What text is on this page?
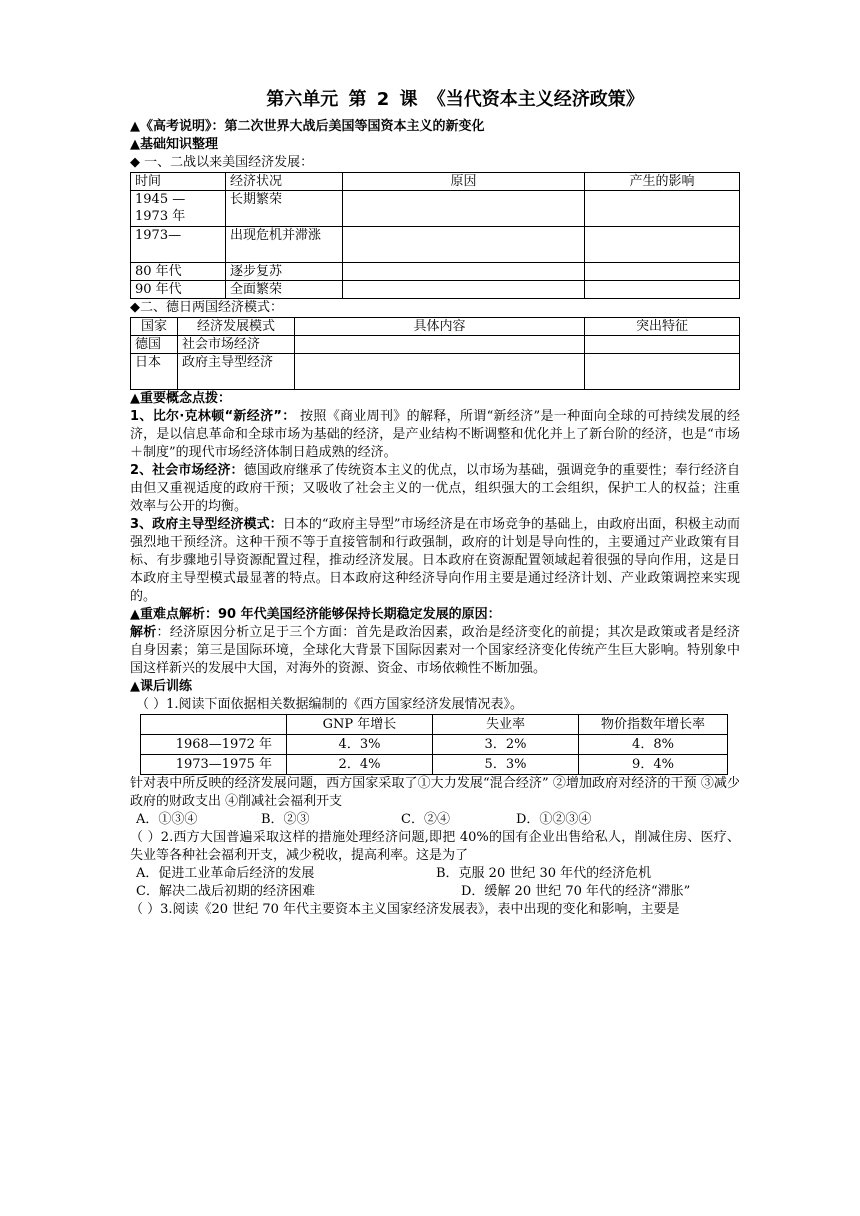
第六单元 第 2 课 《当代资本主义经济政策》
▲《高考说明》：第二次世界大战后美国等国资本主义的新变化
▲基础知识整理
◆ 一、二战以来美国经济发展：
时间	经济状况	原因	产生的影响
1945 — 1973 年	长期繁荣		
1973—	出现危机并滞涨		
80 年代	逐步复苏		
90 年代	全面繁荣		
◆二、德日两国经济模式：
国家	经济发展模式	具体内容	突出特征
德国	社会市场经济		
日本	政府主导型经济		
▲重要概念点拨：

1、比尔·克林顿“新经济”： 按照《商业周刊》的解释，所谓“新经济”是一种面向全球的可持续发展的经济，是以信息革命和全球市场为基础的经济，是产业结构不断调整和优化并上了新台阶的经济，也是“市场＋制度”的现代市场经济体制日趋成熟的经济。

2、社会市场经济：德国政府继承了传统资本主义的优点，以市场为基础，强调竞争的重要性；奉行经济自由但又重视适度的政府干预；又吸收了社会主义的一优点，组织强大的工会组织，保护工人的权益；注重效率与公开的均衡。

3、政府主导型经济模式：日本的“政府主导型”市场经济是在市场竞争的基础上，由政府出面，积极主动而强烈地干预经济。这种干预不等于直接管制和行政强制，政府的计划是导向性的，主要通过产业政策有目标、有步骤地引导资源配置过程，推动经济发展。日本政府在资源配置领域起着很强的导向作用，这是日本政府主导型模式最显著的特点。日本政府这种经济导向作用主要是通过经济计划、产业政策调控来实现的。

▲重难点解析：90 年代美国经济能够保持长期稳定发展的原因：

解析：经济原因分析立足于三个方面：首先是政治因素，政治是经济变化的前提；其次是政策或者是经济自身因素；第三是国际环境，全球化大背景下国际因素对一个国家经济变化传统产生巨大影响。特别象中国这样新兴的发展中大国，对海外的资源、资金、市场依赖性不断加强。

▲课后训练
（ ）1.阅读下面依据相关数据编制的《西方国家经济发展情况表》。
	GNP 年增长	失业率	物价指数年增长率
1968—1972 年	4．3%	3．2%	4．8%
1973—1975 年	2．4%	5．3%	9．4%

针对表中所反映的经济发展问题，西方国家采取了①大力发展“混合经济” ②增加政府对经济的干预 ③减少政府的财政支出 ④削减社会福利开支

A．①③④	B．②③	C．②④	D．①②③④

（ ）2.西方大国普遍采取这样的措施处理经济问题,即把 40%的国有企业出售给私人，削减住房、医疗、失业等各种社会福利开支，减少税收，提高利率。这是为了

A．促进工业革命后经济的发展	B．克服 20 世纪 30 年代的经济危机
C．解决二战后初期的经济困难	D．缓解 20 世纪 70 年代的经济“滞胀”

（ ）3.阅读《20 世纪 70 年代主要资本主义国家经济发展表》，表中出现的变化和影响，主要是
